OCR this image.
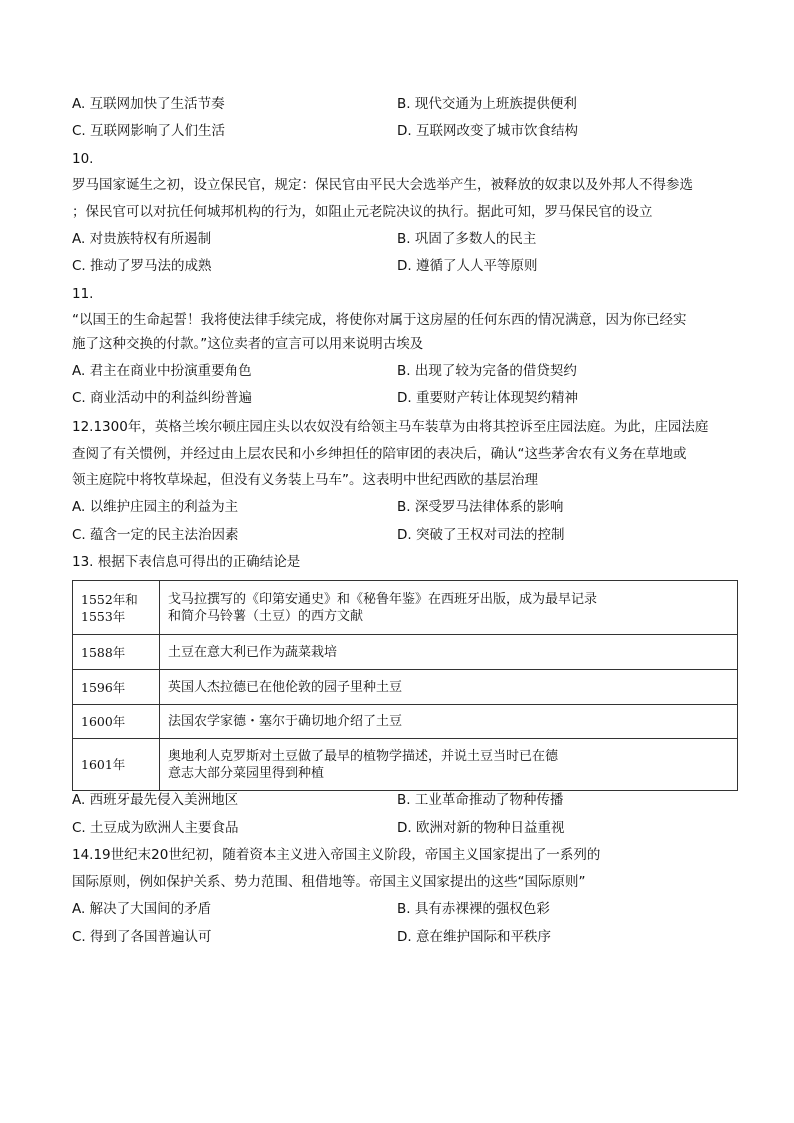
A. 互联网加快了生活节奏	B. 现代交通为上班族提供便利
C. 互联网影响了人们生活	D. 互联网改变了城市饮食结构
10.
罗马国家诞生之初，设立保民官，规定：保民官由平民大会选举产生，被释放的奴隶以及外邦人不得参选
；保民官可以对抗任何城邦机构的行为，如阻止元老院决议的执行。据此可知，罗马保民官的设立
A. 对贵族特权有所遏制	B. 巩固了多数人的民主
C. 推动了罗马法的成熟	D. 遵循了人人平等原则
11.
“以国王的生命起誓！我将使法律手续完成，将使你对属于这房屋的任何东西的情况满意，因为你已经实
施了这种交换的付款。”这位卖者的宣言可以用来说明古埃及
A. 君主在商业中扮演重要角色	B. 出现了较为完备的借贷契约
C. 商业活动中的利益纠纷普遍	D. 重要财产转让体现契约精神
12.1300年，英格兰埃尔顿庄园庄头以农奴没有给领主马车装草为由将其控诉至庄园法庭。为此，庄园法庭
查阅了有关惯例，并经过由上层农民和小乡绅担任的陪审团的表决后，确认“这些茅舍农有义务在草地或
领主庭院中将牧草垛起，但没有义务装上马车”。这表明中世纪西欧的基层治理
A. 以维护庄园主的利益为主	B. 深受罗马法律体系的影响
C. 蕴含一定的民主法治因素	D. 突破了王权对司法的控制
13. 根据下表信息可得出的正确结论是
1552年和
1553年	戈马拉撰写的《印第安通史》和《秘鲁年鉴》在西班牙出版，成为最早记录
和简介马铃薯（土豆）的西方文献

1588年	土豆在意大利已作为蔬菜栽培
1596年	英国人杰拉德已在他伦敦的园子里种土豆
1600年	法国农学家德・塞尔于确切地介绍了土豆
1601年	奥地利人克罗斯对土豆做了最早的植物学描述，并说土豆当时已在德
意志大部分菜园里得到种植
A. 西班牙最先侵入美洲地区	B. 工业革命推动了物种传播
C. 土豆成为欧洲人主要食品	D. 欧洲对新的物种日益重视
14.19世纪末20世纪初，随着资本主义进入帝国主义阶段，帝国主义国家提出了一系列的
国际原则，例如保护关系、势力范围、租借地等。帝国主义国家提出的这些“国际原则”
A. 解决了大国间的矛盾	B. 具有赤裸裸的强权色彩
C. 得到了各国普遍认可	D. 意在维护国际和平秩序
